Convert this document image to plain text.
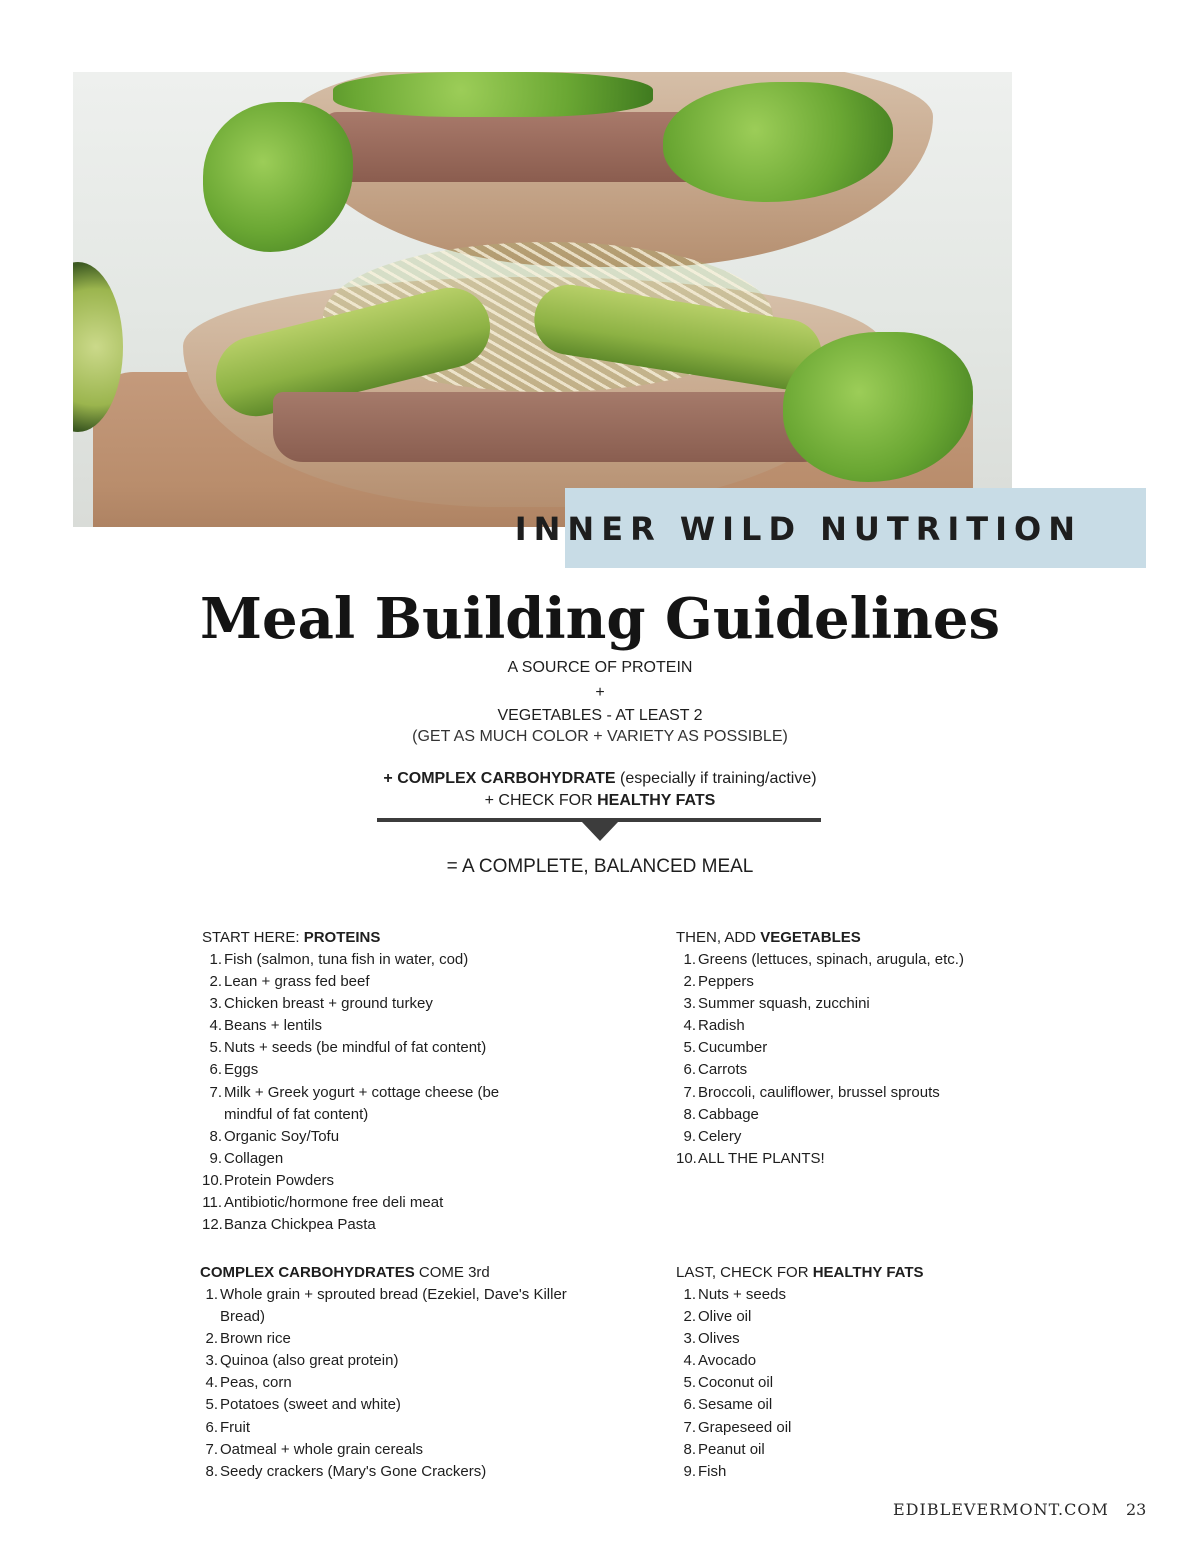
INNER WILD NUTRITION
Meal Building Guidelines
A SOURCE OF PROTEIN
+
VEGETABLES - AT LEAST 2
(GET AS MUCH COLOR + VARIETY AS POSSIBLE)
+ COMPLEX CARBOHYDRATE (especially if training/active)
+ CHECK FOR HEALTHY FATS
= A COMPLETE, BALANCED MEAL
START HERE: PROTEINS
1. Fish (salmon, tuna fish in water, cod)
2. Lean + grass fed beef
3. Chicken breast + ground turkey
4. Beans + lentils
5. Nuts + seeds (be mindful of fat content)
6. Eggs
7. Milk + Greek yogurt + cottage cheese (be mindful of fat content)
8. Organic Soy/Tofu
9. Collagen
10. Protein Powders
11. Antibiotic/hormone free deli meat
12. Banza Chickpea Pasta
THEN, ADD VEGETABLES
1. Greens (lettuces, spinach, arugula, etc.)
2. Peppers
3. Summer squash, zucchini
4. Radish
5. Cucumber
6. Carrots
7. Broccoli, cauliflower, brussel sprouts
8. Cabbage
9. Celery
10. ALL THE PLANTS!
COMPLEX CARBOHYDRATES COME 3rd
1. Whole grain + sprouted bread (Ezekiel, Dave's Killer Bread)
2. Brown rice
3. Quinoa (also great protein)
4. Peas, corn
5. Potatoes (sweet and white)
6. Fruit
7. Oatmeal + whole grain cereals
8. Seedy crackers (Mary's Gone Crackers)
LAST, CHECK FOR HEALTHY FATS
1. Nuts + seeds
2. Olive oil
3. Olives
4. Avocado
5. Coconut oil
6. Sesame oil
7. Grapeseed oil
8. Peanut oil
9. Fish
EDIBLEVERMONT.COM 23
